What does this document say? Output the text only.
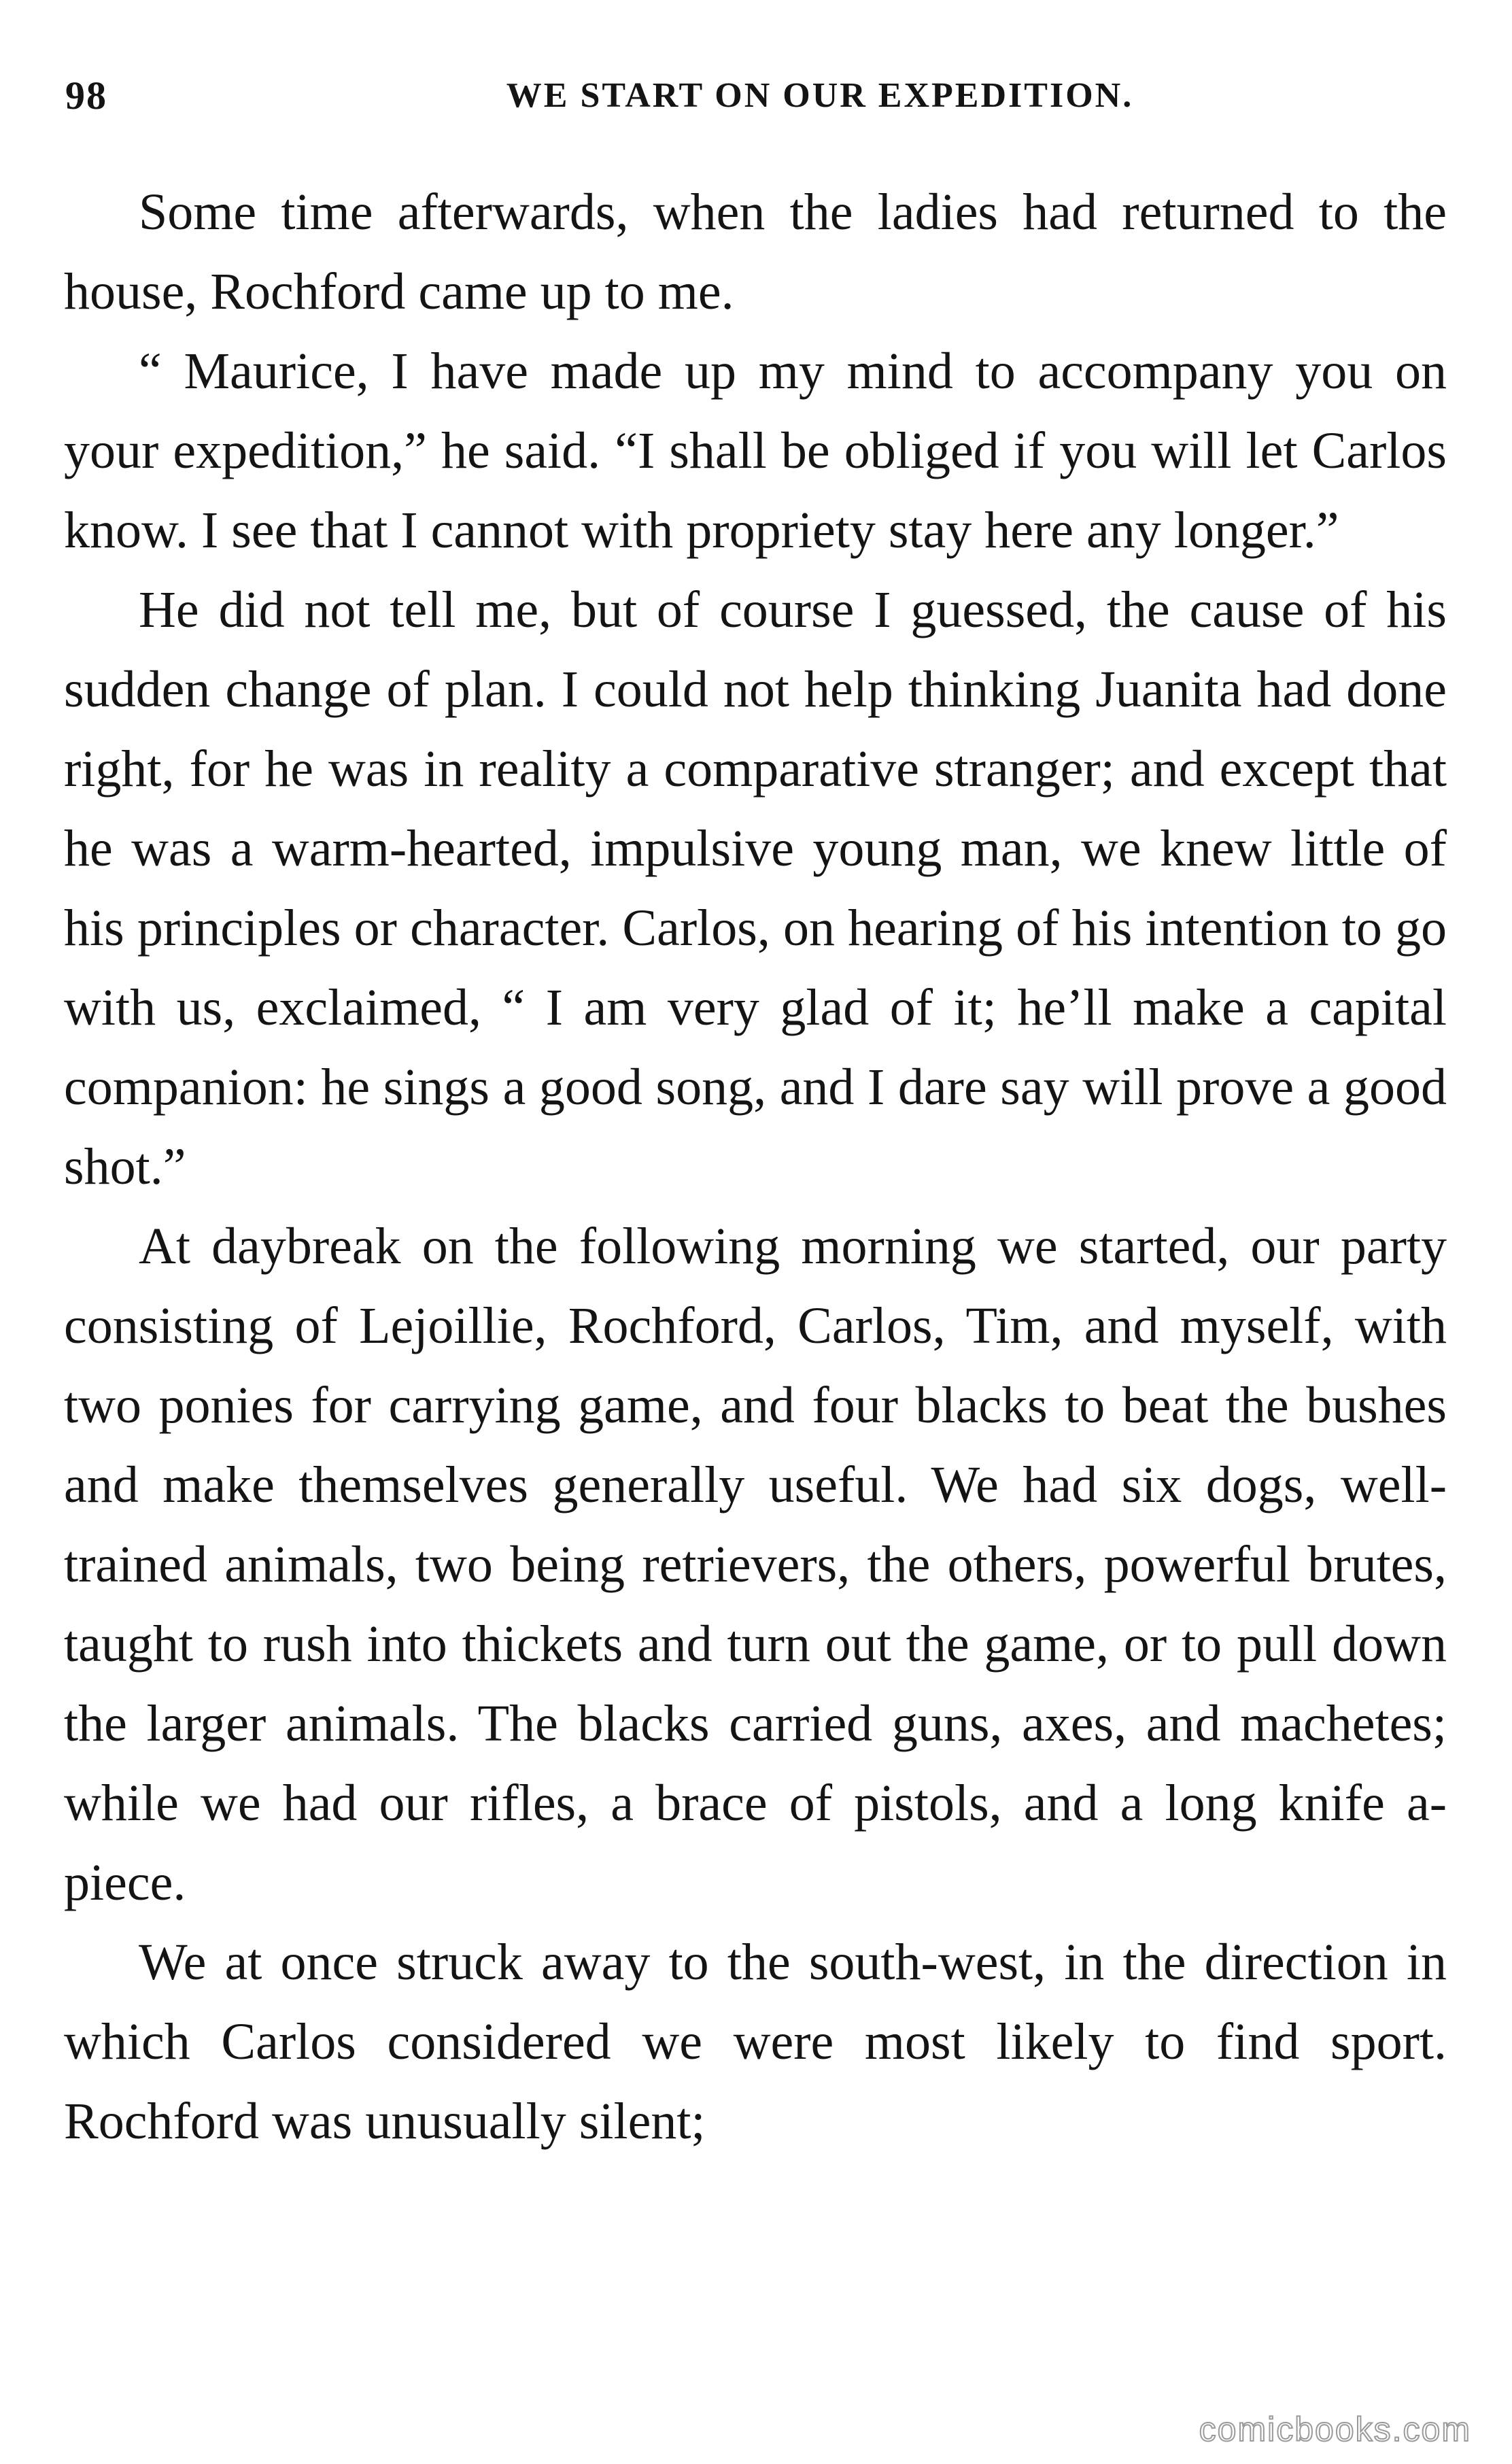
98	WE START ON OUR EXPEDITION.

Some time afterwards, when the ladies had returned to the house, Rochford came up to me.

“ Maurice, I have made up my mind to accompany you on your expedition,” he said. “I shall be obliged if you will let Carlos know. I see that I cannot with propriety stay here any longer.”

He did not tell me, but of course I guessed, the cause of his sudden change of plan. I could not help thinking Juanita had done right, for he was in reality a comparative stranger; and except that he was a warm-hearted, impulsive young man, we knew little of his principles or character. Carlos, on hearing of his intention to go with us, exclaimed, “ I am very glad of it; he’ll make a capital companion: he sings a good song, and I dare say will prove a good shot.”

At daybreak on the following morning we started, our party consisting of Lejoillie, Rochford, Carlos, Tim, and myself, with two ponies for carrying game, and four blacks to beat the bushes and make themselves generally useful. We had six dogs, well-trained animals, two being retrievers, the others, powerful brutes, taught to rush into thickets and turn out the game, or to pull down the larger animals. The blacks carried guns, axes, and machetes; while we had our rifles, a brace of pistols, and a long knife a-piece.

We at once struck away to the south-west, in the direction in which Carlos considered we were most likely to find sport. Rochford was unusually silent;

comicbooks.com
